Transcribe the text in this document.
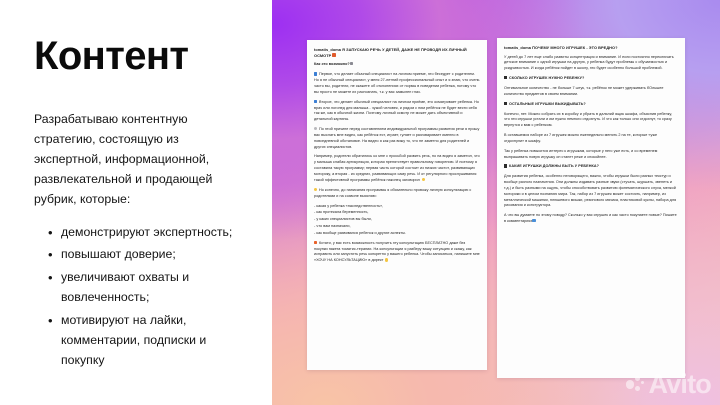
Контент

Разрабатываю контентную стратегию, состоящую из экспертной, информационной, развлекательной и продающей рубрик, которые:

• демонстрируют экспертность;
• повышают доверие;
• увеличивают охваты и вовлеченность;
• мотивируют на лайки, комментарии, подписки и покупку
tomatis_doma Я ЗАПУСКАЮ РЕЧЬ У ДЕТЕЙ, ДАЖЕ НЕ ПРОВОДЯ ИХ ЛИЧНЫЙ ОСМОТР
Как это возможно?
Первое, что делает обычный специалист на личном приеме, это беседует с родителем. Но я не обычный специалист, у меня 27-летний профессиональный опыт и я знаю, что очень часто вы, родители, не скажете об отклонениях от нормы в поведении ребенка, потому что вы просто не можете их распознать, т.к. у вас замылен глаз.
Второе, что делает обычный специалист на личном приёме, это осматривает ребенка. Но врач или логопед для малыша - чужой человек, и рядом с ним ребёнок не будет вести себя так же, как в обычной жизни. Поэтому личный осмотр не может дать объективной и детальной картины.
По этой причине перед составлением индивидуальной программы развития речи я прошу вас выслать мне видео, как ребёнок ест, играет, гуляет и разговаривает именно в повседневной обстановке. На видео я как раз вижу то, что не заметно для родителей и других специалистов.
Например, родители обратились ко мне с просьбой развить речь, но на видео я заметил, что у малыша слабая артикуляция, которая препятствует правильному говорению. И поэтому я составила такую программу; первая часть которой состоит из низких частот, развивающих моторику, а вторая - из средних, развивающих саму речь. И от регулярного прослушивания такой эффективной программы ребёнок наконец заговорил
Но конечно, до написания программы я обязательно провожу личную консультацию с родителями и на созвоне выясняю:
- какая у ребенка «наследственность»,
- как протекала беременность,
- у каких специалистов вы были,
- что вам назначали,
- как вообще развивался ребенок и другие аспекты.
Кстати, у вас есть возможность получить эту консультацию БЕСПЛАТНО даже без покупки пакета томатис-терапии. На консультации я разберу вашу ситуацию и скажу, как исправить или запустить речь конкретно у вашего ребенка. Чтобы записаться, напишите мне «ХОЧУ НА КОНСУЛЬТАЦИЮ» в директ
tomatis_doma ПОЧЕМУ МНОГО ИГРУШЕК - ЭТО ВРЕДНО?
У детей до 7 лет еще слабо развиты концентрация и внимание. И если постоянно переключать детское внимание с одной игрушки на другую, у ребенка будут проблемы с обучаемостью и усидчивостью. И когда ребёнок пойдет в школу, это будет особенно большой проблемой.
СКОЛЬКО ИГРУШЕК НУЖНО РЕБЕНКУ?
Оптимальное количество - не больше 7 штук, т.к. ребёнок не может удерживать бОльшее количество предметов в своем внимании.
ОСТАЛЬНЫЕ ИГРУШКИ ВЫКИДЫВАТЬ?
Конечно, нет. Можно собрать их в коробку и убрать в дальний ящик шкафа, объяснив ребенку, что эти игрушки устали и им нужно немного отдохнуть. И что как только они отдохнут, то сразу вернутся к вам с ребенком.
В оставшемся наборе из 7 игрушек можно еженедельно менять 2 на те, которые «уже отдохнули» в шкафу.
Так у ребенка повысится интерес к игрушкам, которые у него уже есть, и со временем выпрашивать новую игрушку он станет реже и спокойнее.
КАКИЕ ИГРУШКИ ДОЛЖНЫ БЫТЬ У РЕБЕНКА?
Для развития ребенка, особенно неговорящего, важно, чтобы игрушки были разных текстур и вообще разного назначения. Они должны издавать разные звуки (стучать, шуршать, звенеть и т.д.) и быть разными на ощупь, чтобы способствовать развитию фонематического слуха, мелкой моторики и в целом познанию мира. Так, набор из 7 игрушек может состоять, например, из металлической машинки, плюшевого мишки, резинового мячика, пластиковой куклы, набора для рисования и конструктора.
А что вы думаете по этому поводу? Сколько у вас игрушек и как часто покупаете новые? Пишите в комментариях
Avito
